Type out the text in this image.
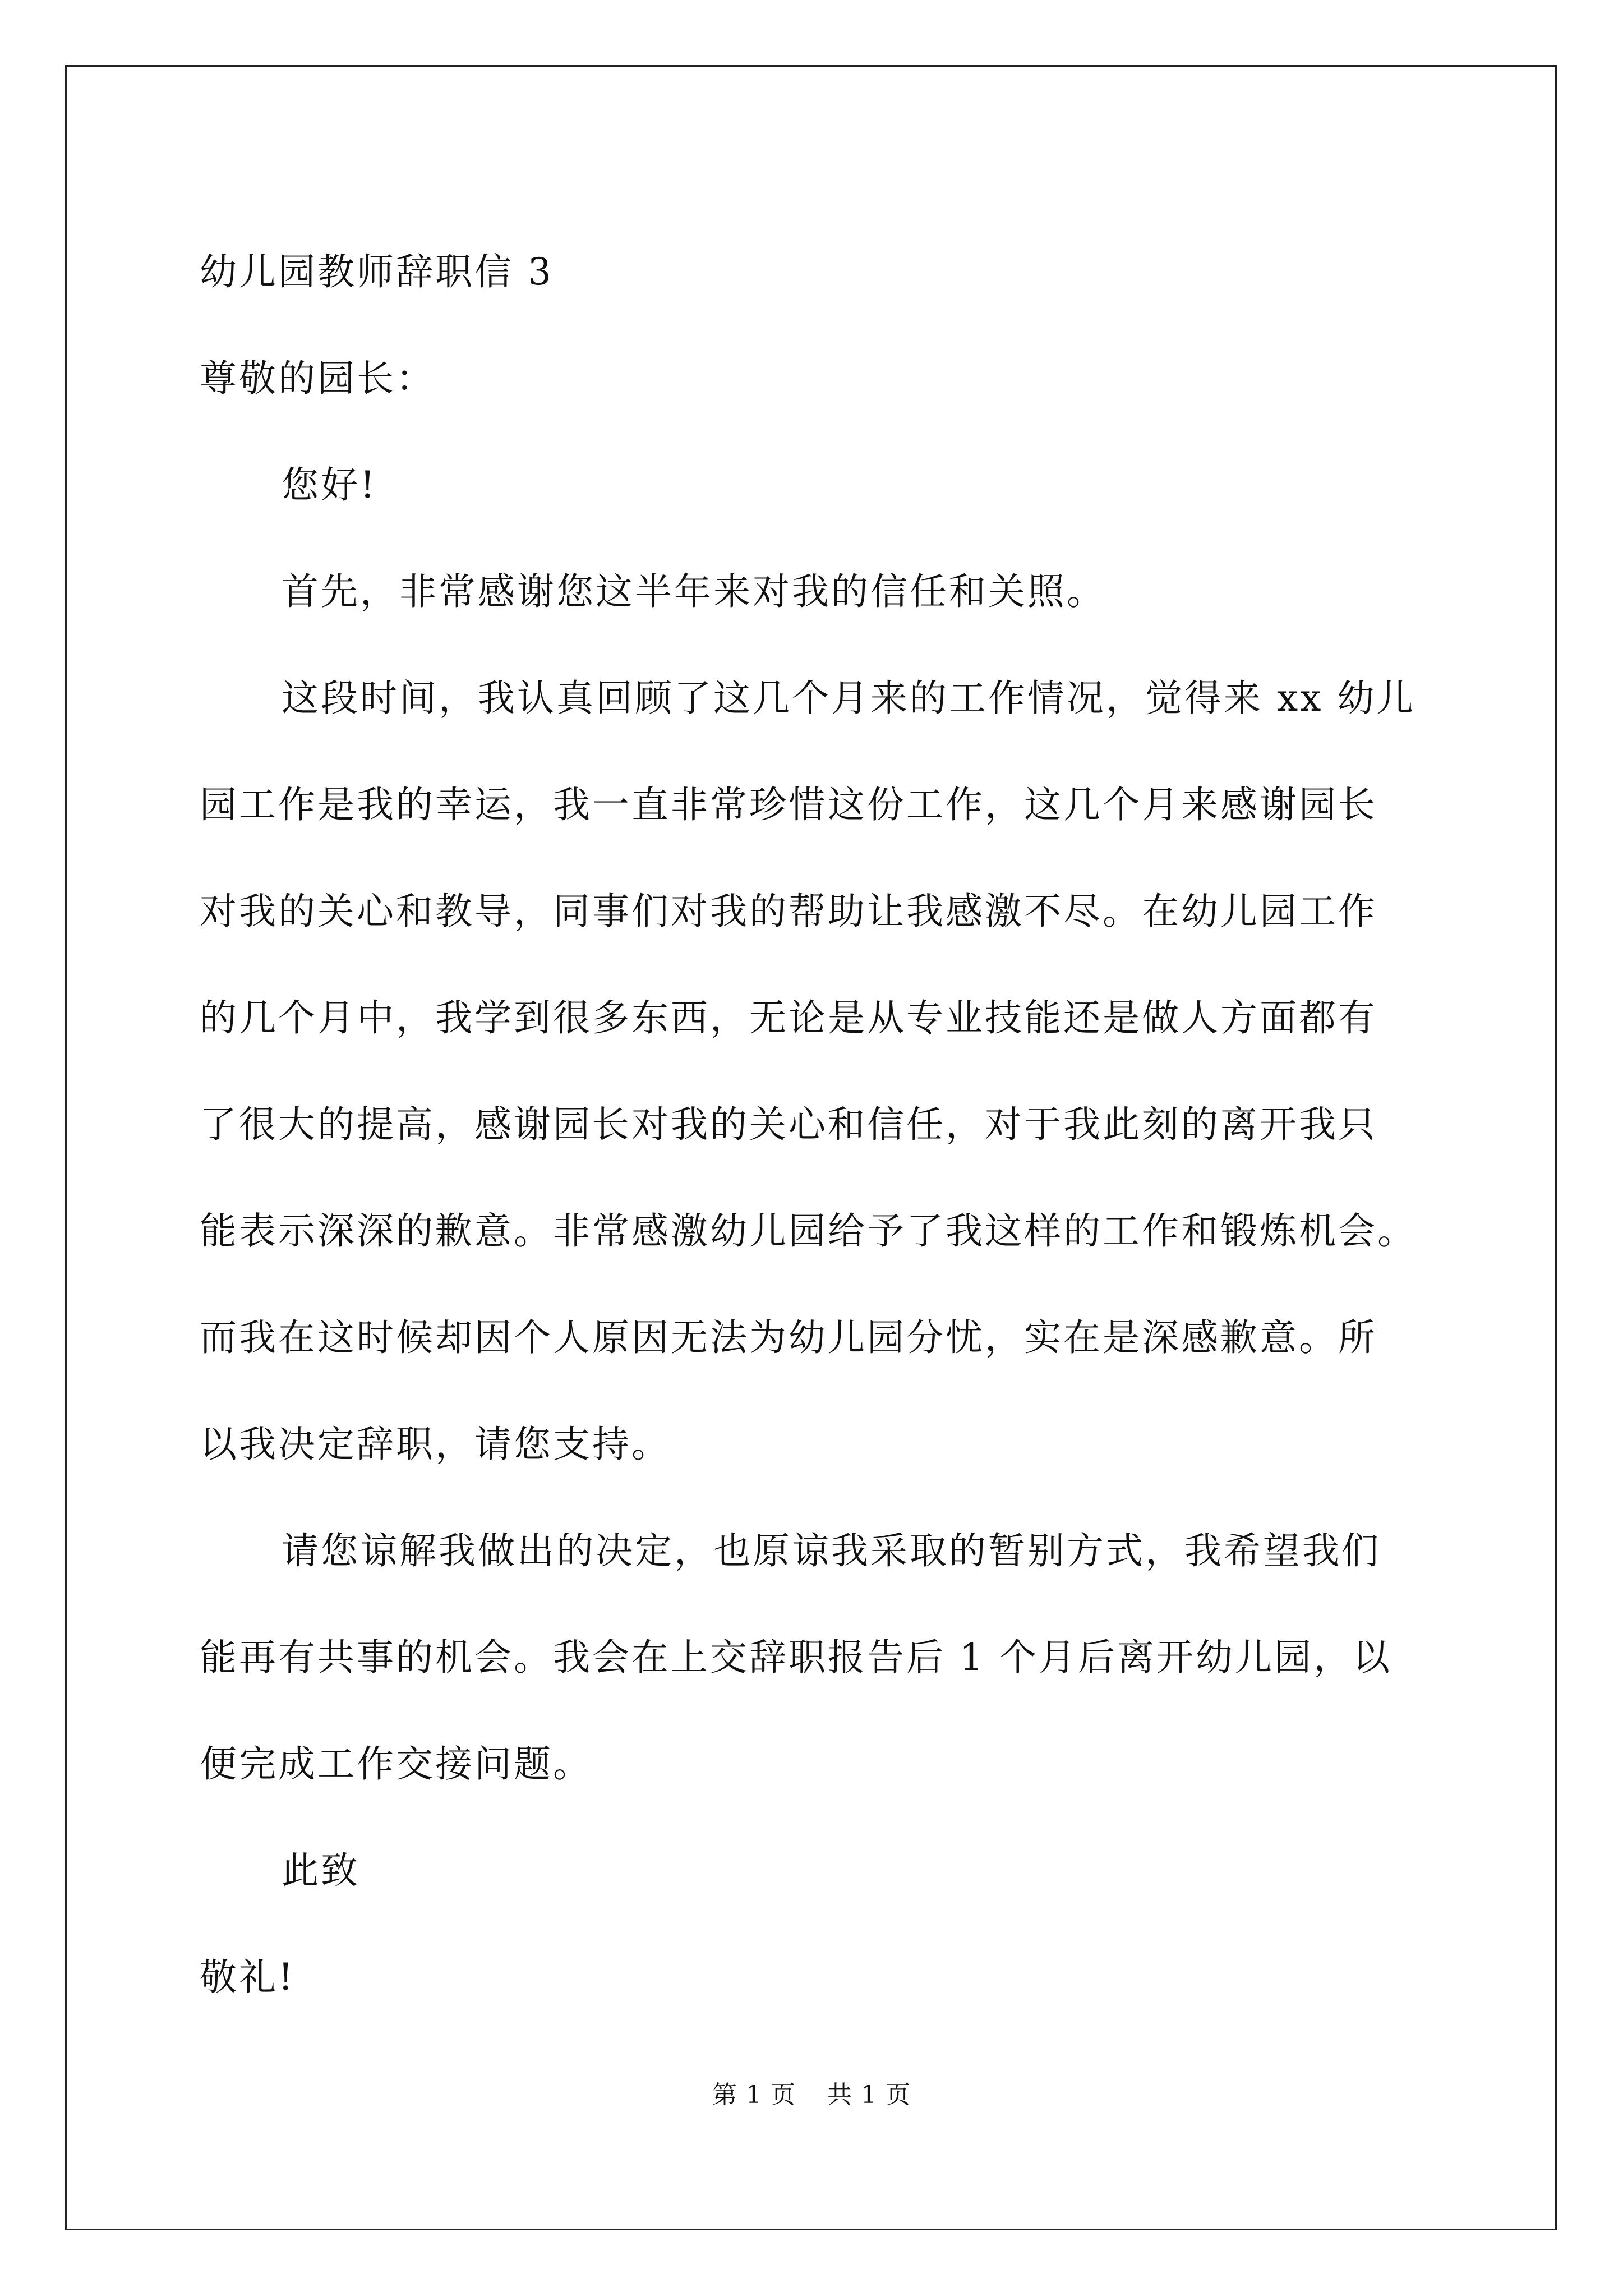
幼儿园教师辞职信 3
尊敬的园长：
您好!
首先，非常感谢您这半年来对我的信任和关照。
这段时间，我认真回顾了这几个月来的工作情况，觉得来 xx 幼儿
园工作是我的幸运，我一直非常珍惜这份工作，这几个月来感谢园长
对我的关心和教导，同事们对我的帮助让我感激不尽。在幼儿园工作
的几个月中，我学到很多东西，无论是从专业技能还是做人方面都有
了很大的提高，感谢园长对我的关心和信任，对于我此刻的离开我只
能表示深深的歉意。非常感激幼儿园给予了我这样的工作和锻炼机会。
而我在这时候却因个人原因无法为幼儿园分忧，实在是深感歉意。所
以我决定辞职，请您支持。
请您谅解我做出的决定，也原谅我采取的暂别方式，我希望我们
能再有共事的机会。我会在上交辞职报告后 1 个月后离开幼儿园，以
便完成工作交接问题。
此致
敬礼!
第 1 页 共 1 页
